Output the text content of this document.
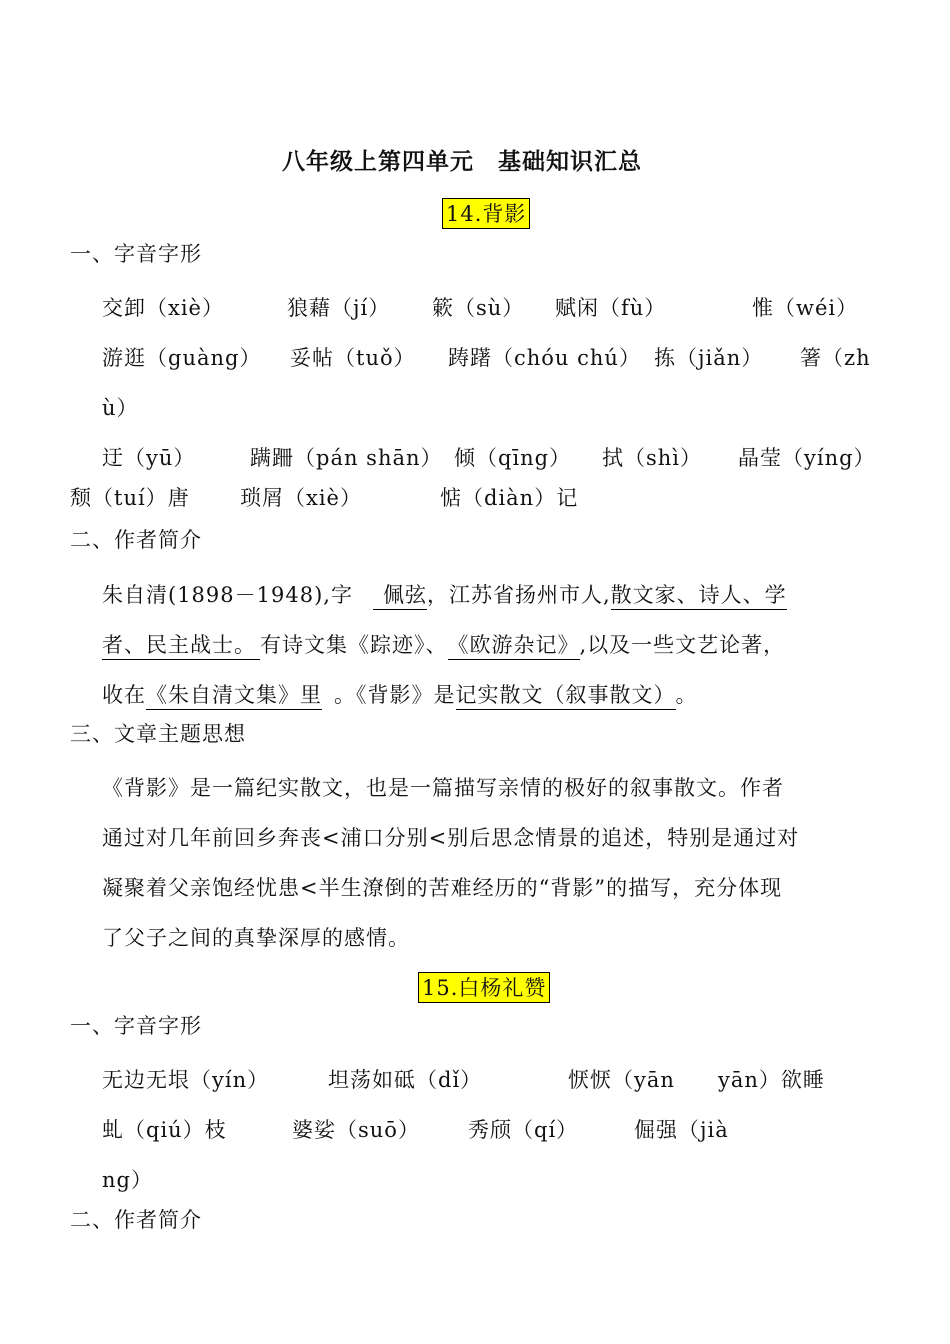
八年级上第四单元　基础知识汇总
14.背影
一、字音字形
交卸（xiè）	狼藉（jí） 簌（sù） 赋闲（fù）	惟（wéi）
游逛（guàng） 妥帖（tuǒ） 踌躇（chóu chú） 拣（jiǎn） 箸（zh
ù）
迂（yū）	蹒跚（pán shān） 倾（qīng） 拭（shì） 晶莹（yíng）
颓（tuí）唐 琐屑（xiè）	惦（diàn）记
二、作者简介
朱自清(1898－1948),字 佩弦，江苏省扬州市人,散文家、诗人、学
者、民主战士。 有诗文集《踪迹》、《欧游杂记》,以及一些文艺论著，
收在《朱自清文集》里 。《背影》是记实散文（叙事散文）。
三、文章主题思想
《背影》是一篇纪实散文，也是一篇描写亲情的极好的叙事散文。作者
通过对几年前回乡奔丧<浦口分别<别后思念情景的追述，特别是通过对
凝聚着父亲饱经忧患<半生潦倒的苦难经历的“背影”的描写，充分体现
了父子之间的真挚深厚的感情。
15.白杨礼赞
一、字音字形
无边无垠（yín）	坦荡如砥（dǐ）	恹恹（yān yān）欲睡
虬（qiú）枝	婆娑（suō） 秀颀（qí）	倔强（jià
ng）
二、作者简介
